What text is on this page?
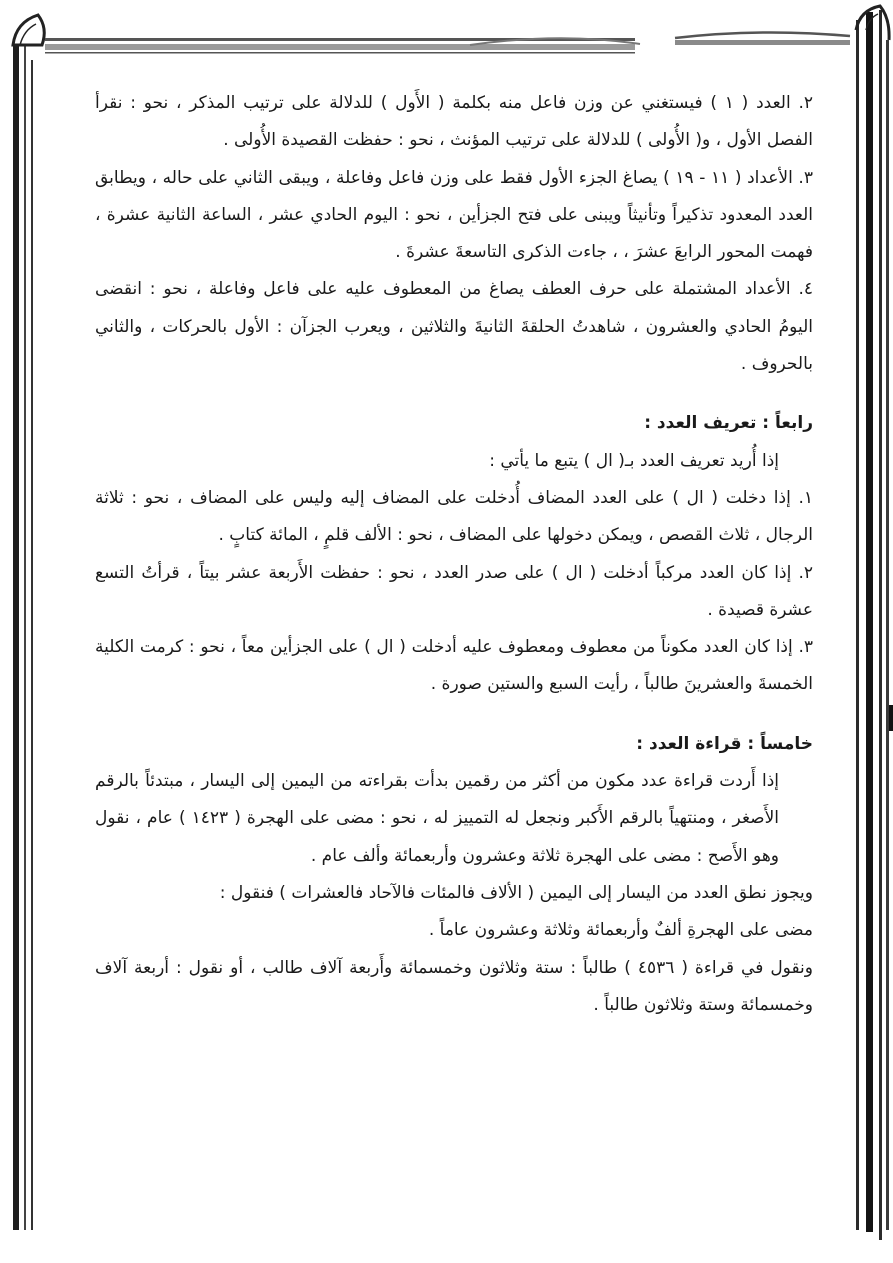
٢. العدد ( ١ ) فيستغني عن وزن فاعل منه بكلمة ( الأَول ) للدلالة على ترتيب المذكر ، نحو : نقرأ الفصل الأول ، و( الأُولى ) للدلالة على ترتيب المؤنث ، نحو : حفظت القصيدة الأُولى .

٣. الأعداد ( ١١ - ١٩ ) يصاغ الجزء الأول فقط على وزن فاعل وفاعلة ، ويبقى الثاني على حاله ، ويطابق العدد المعدود تذكيراً وتأنيثاً ويبنى على فتح الجزأين ، نحو : اليوم الحادي عشر ، الساعة الثانية عشرة ، فهمت المحور الرابعَ عشرَ ، ، جاءت الذكرى التاسعةَ عشرةَ .

٤. الأعداد المشتملة على حرف العطف يصاغ من المعطوف عليه على فاعل وفاعلة ، نحو : انقضى اليومُ الحادي والعشرون ، شاهدتُ الحلقةَ الثانيةَ والثلاثين ، ويعرب الجزآن : الأول بالحركات ، والثاني بالحروف .

رابعاً : تعريف العدد :

إذا أُريد تعريف العدد بـ( ال ) يتبع ما يأتي :

١. إذا دخلت ( ال ) على العدد المضاف أُدخلت على المضاف إليه وليس على المضاف ، نحو : ثلاثة الرجال ، ثلاث القصص ، ويمكن دخولها على المضاف ، نحو : الألف قلمٍ ، المائة كتابٍ .

٢. إذا كان العدد مركباً أدخلت ( ال ) على صدر العدد ، نحو : حفظت الأَربعة عشر بيتاً ، قرأتُ التسع عشرة قصيدة .

٣. إذا كان العدد مكوناً من معطوف ومعطوف عليه أدخلت ( ال ) على الجزأين معاً ، نحو : كرمت الكلية الخمسةَ والعشرينَ طالباً ، رأيت السبع والستين صورة .

خامساً : قراءة العدد :

إذا أَردت قراءة عدد مكون من أكثر من رقمين بدأت بقراءته من اليمين إلى اليسار ، مبتدئاً بالرقم الأَصغر ، ومنتهياً بالرقم الأَكبر ونجعل له التمييز له ، نحو : مضى على الهجرة ( ١٤٢٣ ) عام ، نقول وهو الأَصح : مضى على الهجرة ثلاثة وعشرون وأربعمائة وألف عام .

ويجوز نطق العدد من اليسار إلى اليمين ( الألاف فالمئات فالآحاد فالعشرات ) فنقول :

مضى على الهجرةِ ألفٌ وأربعمائة وثلاثة وعشرون عاماً .

ونقول في قراءة ( ٤٥٣٦ ) طالباً : ستة وثلاثون وخمسمائة وأَربعة آلاف طالب ، أو نقول : أربعة آلاف وخمسمائة وستة وثلاثون طالباً .
